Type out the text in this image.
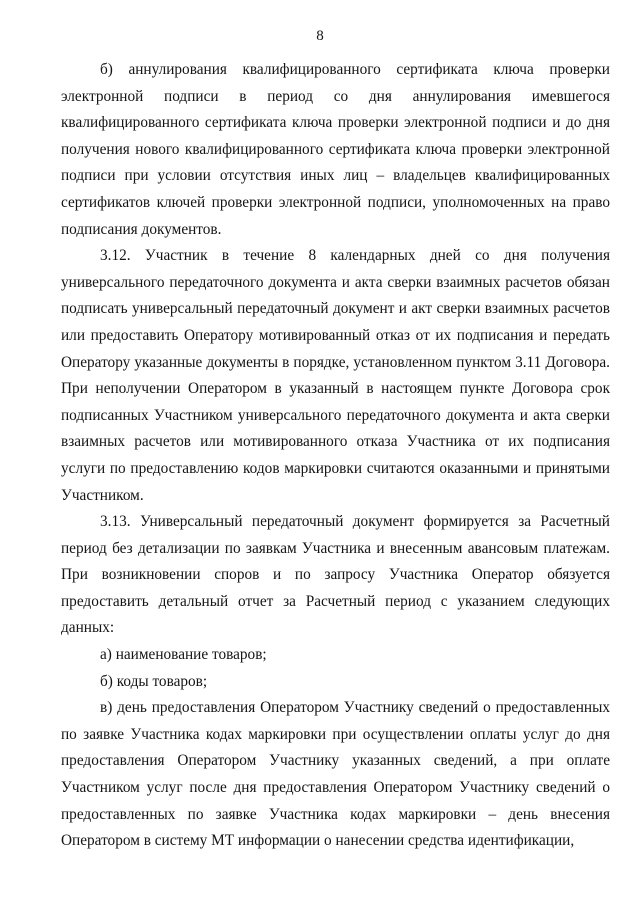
8

б) аннулирования квалифицированного сертификата ключа проверки электронной подписи в период со дня аннулирования имевшегося квалифицированного сертификата ключа проверки электронной подписи и до дня получения нового квалифицированного сертификата ключа проверки электронной подписи при условии отсутствия иных лиц – владельцев квалифицированных сертификатов ключей проверки электронной подписи, уполномоченных на право подписания документов.

3.12. Участник в течение 8 календарных дней со дня получения универсального передаточного документа и акта сверки взаимных расчетов обязан подписать универсальный передаточный документ и акт сверки взаимных расчетов или предоставить Оператору мотивированный отказ от их подписания и передать Оператору указанные документы в порядке, установленном пунктом 3.11 Договора. При неполучении Оператором в указанный в настоящем пункте Договора срок подписанных Участником универсального передаточного документа и акта сверки взаимных расчетов или мотивированного отказа Участника от их подписания услуги по предоставлению кодов маркировки считаются оказанными и принятыми Участником.

3.13. Универсальный передаточный документ формируется за Расчетный период без детализации по заявкам Участника и внесенным авансовым платежам. При возникновении споров и по запросу Участника Оператор обязуется предоставить детальный отчет за Расчетный период с указанием следующих данных:

а) наименование товаров;

б) коды товаров;

в) день предоставления Оператором Участнику сведений о предоставленных по заявке Участника кодах маркировки при осуществлении оплаты услуг до дня предоставления Оператором Участнику указанных сведений, а при оплате Участником услуг после дня предоставления Оператором Участнику сведений о предоставленных по заявке Участника кодах маркировки – день внесения Оператором в систему МТ информации о нанесении средства идентификации,
